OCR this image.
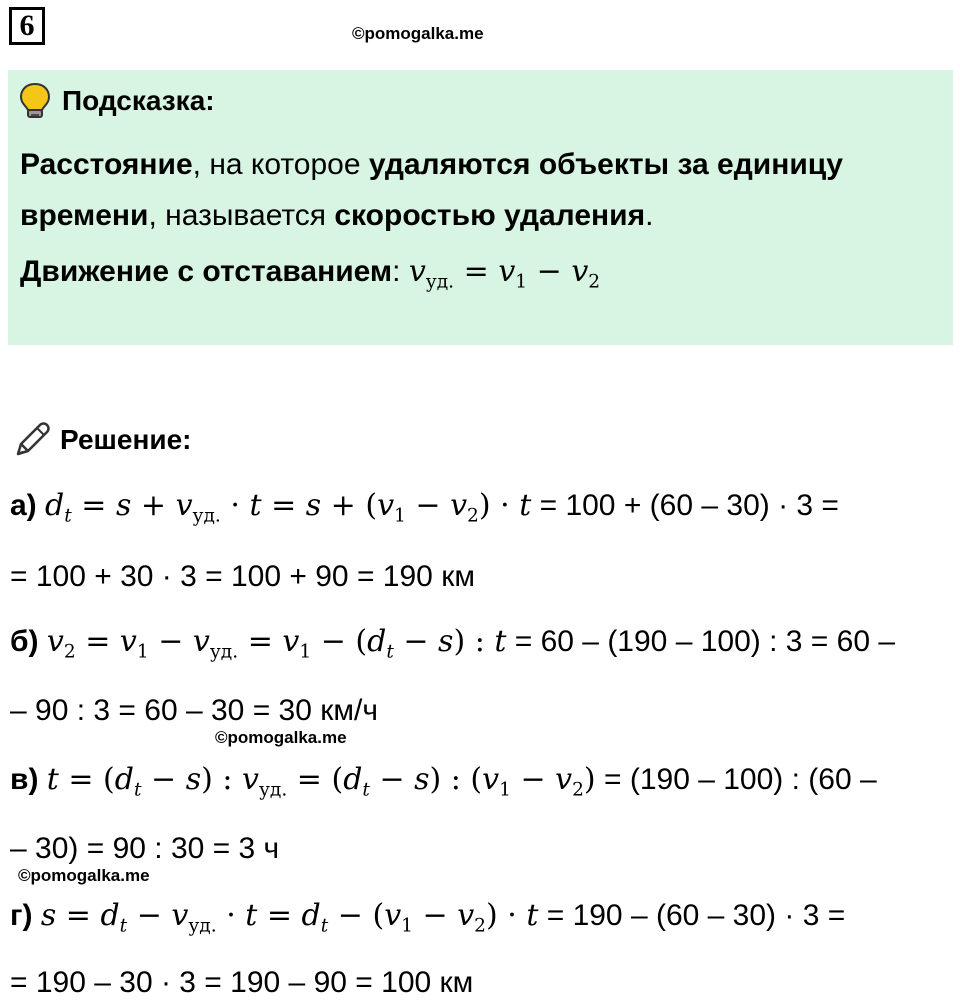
6	©pomogalka.me
Подсказка:
Расстояние, на которое удаляются объекты за единицу
времени, называется скоростью удаления.
Движение с отставанием: $v_{уд.} = v_1 - v_2$
Решение:
а) $d_t = s + v_{уд.} \cdot t = s + (v_1 - v_2) \cdot t = 100 + (60 - 30) \cdot 3$ =
= 100 + 30 · 3 = 100 + 90 = 190 км
б) $v_2 = v_1 - v_{уд.} = v_1 - (d_t - s)$ : t = 60 – (190 – 100) : 3 = 60 –
– 90 : 3 = 60 – 30 = 30 км/ч
©pomogalka.me
в) $t = (d_t - s)$ : $v_{уд.} = (d_t - s)$ : $(v_1 - v_2) = (190 - 100)$ : (60 –
– 30) = 90 : 30 = 3 ч
©pomogalka.me
г) $s = d_t - v_{уд.} \cdot t = d_t - (v_1 - v_2) \cdot t = 190 - (60 - 30) \cdot 3$ =
= 190 – 30 · 3 = 190 – 90 = 100 км
